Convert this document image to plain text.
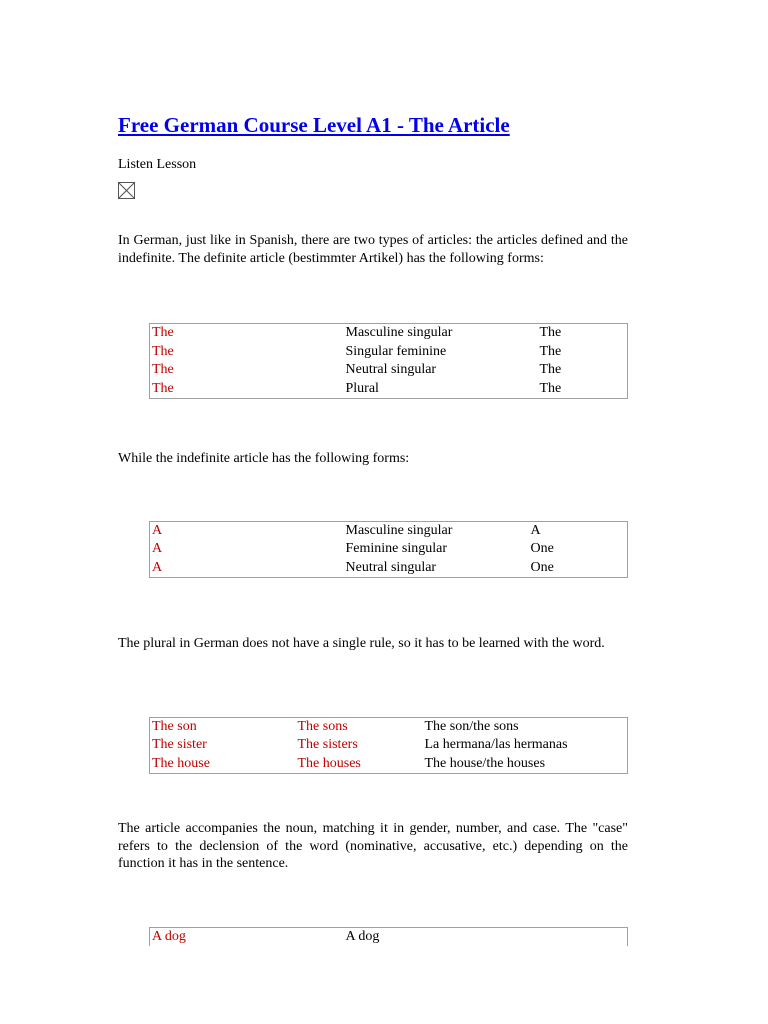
Free German Course Level A1 - The Article
Listen Lesson

In German, just like in Spanish, there are two types of articles: the articles defined and the indefinite. The definite article (bestimmter Artikel) has the following forms:

The	Masculine singular	The
The	Singular feminine	The
The	Neutral singular	The
The	Plural	The

While the indefinite article has the following forms:

A	Masculine singular	A
A	Feminine singular	One
A	Neutral singular	One

The plural in German does not have a single rule, so it has to be learned with the word.

The son	The sons	The son/the sons
The sister	The sisters	La hermana/las hermanas
The house	The houses	The house/the houses

The article accompanies the noun, matching it in gender, number, and case. The "case" refers to the declension of the word (nominative, accusative, etc.) depending on the function it has in the sentence.

A dog	A dog
